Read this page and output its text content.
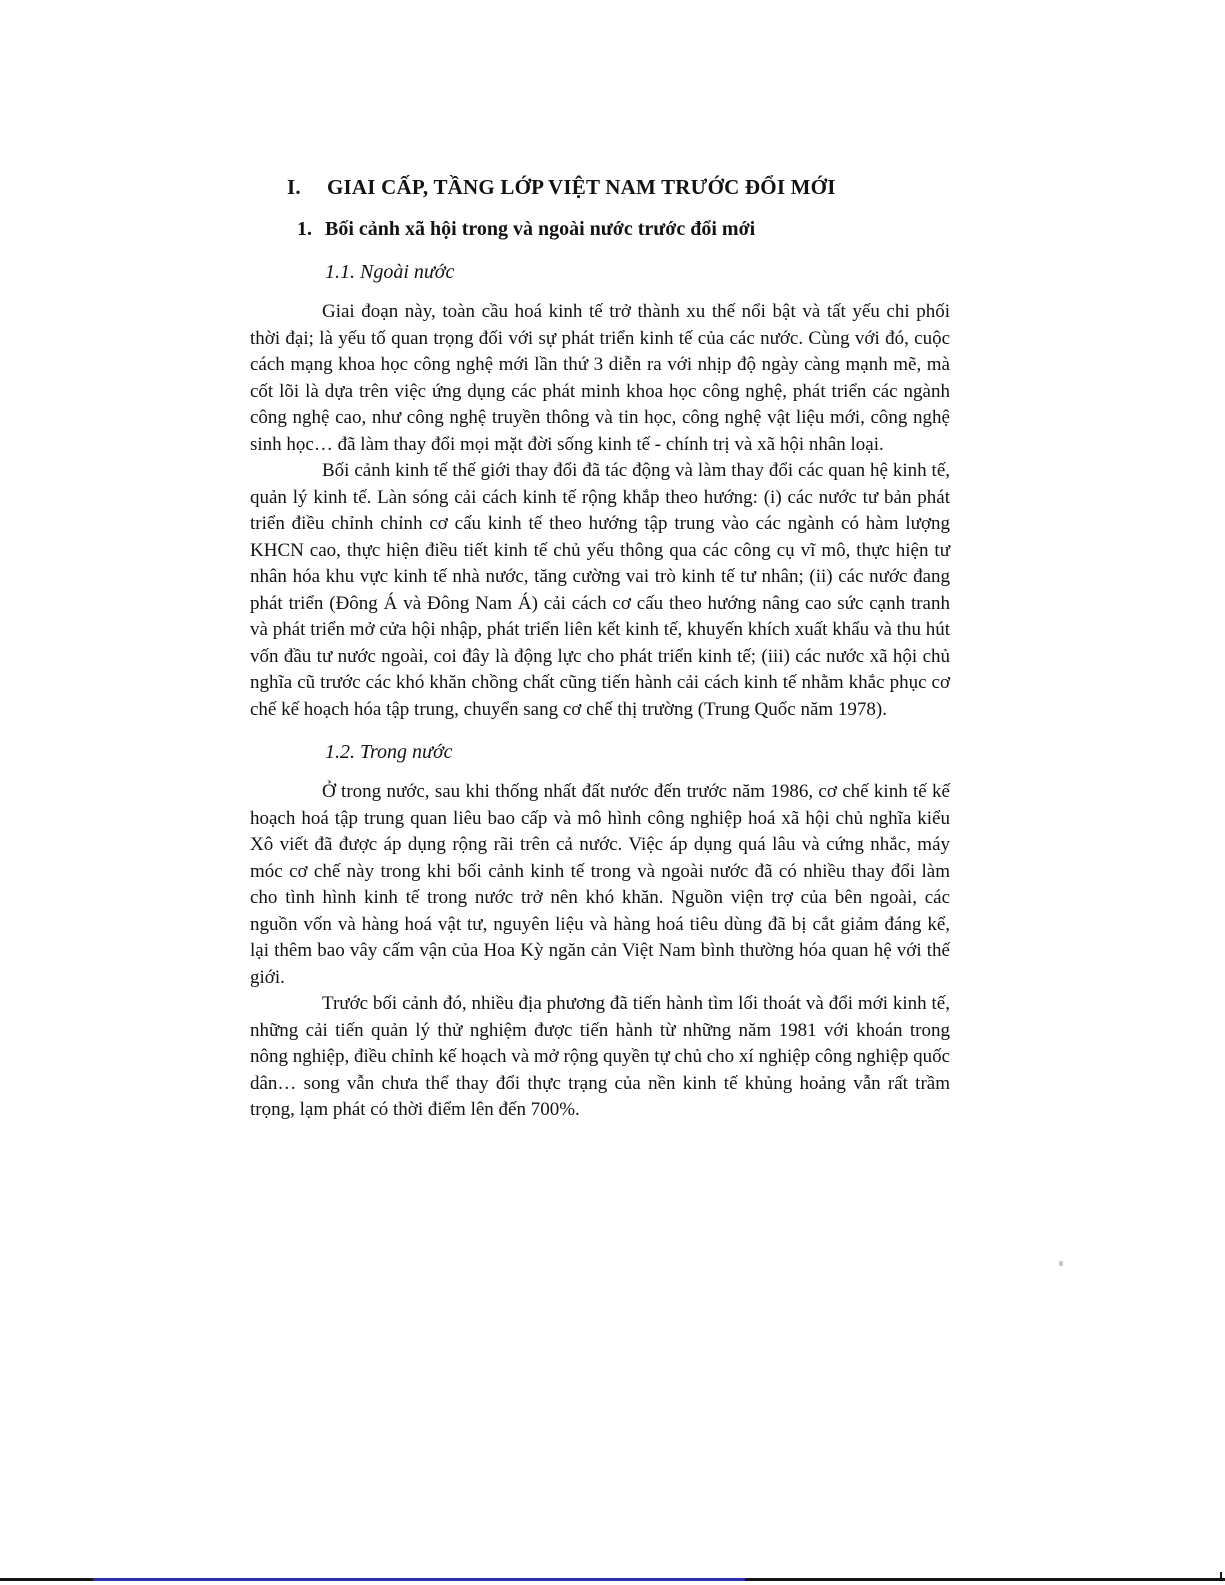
I.	GIAI CẤP, TẦNG LỚP VIỆT NAM TRƯỚC ĐỔI MỚI
1. Bối cảnh xã hội trong và ngoài nước trước đổi mới
1.1. Ngoài nước

Giai đoạn này, toàn cầu hoá kinh tế trở thành xu thế nổi bật và tất yếu chi phối thời đại; là yếu tố quan trọng đối với sự phát triển kinh tế của các nước. Cùng với đó, cuộc cách mạng khoa học công nghệ mới lần thứ 3 diễn ra với nhịp độ ngày càng mạnh mẽ, mà cốt lõi là dựa trên việc ứng dụng các phát minh khoa học công nghệ, phát triển các ngành công nghệ cao, như công nghệ truyền thông và tin học, công nghệ vật liệu mới, công nghệ sinh học… đã làm thay đổi mọi mặt đời sống kinh tế - chính trị và xã hội nhân loại.

Bối cảnh kinh tế thế giới thay đổi đã tác động và làm thay đổi các quan hệ kinh tế, quản lý kinh tế. Làn sóng cải cách kinh tế rộng khắp theo hướng: (i) các nước tư bản phát triển điều chỉnh chỉnh cơ cấu kinh tế theo hướng tập trung vào các ngành có hàm lượng KHCN cao, thực hiện điều tiết kinh tế chủ yếu thông qua các công cụ vĩ mô, thực hiện tư nhân hóa khu vực kinh tế nhà nước, tăng cường vai trò kinh tế tư nhân; (ii) các nước đang phát triển (Đông Á và Đông Nam Á) cải cách cơ cấu theo hướng nâng cao sức cạnh tranh và phát triển mở cửa hội nhập, phát triển liên kết kinh tế, khuyến khích xuất khẩu và thu hút vốn đầu tư nước ngoài, coi đây là động lực cho phát triển kinh tế; (iii) các nước xã hội chủ nghĩa cũ trước các khó khăn chồng chất cũng tiến hành cải cách kinh tế nhằm khắc phục cơ chế kế hoạch hóa tập trung, chuyển sang cơ chế thị trường (Trung Quốc năm 1978).

1.2. Trong nước

Ở trong nước, sau khi thống nhất đất nước đến trước năm 1986, cơ chế kinh tế kế hoạch hoá tập trung quan liêu bao cấp và mô hình công nghiệp hoá xã hội chủ nghĩa kiểu Xô viết đã được áp dụng rộng rãi trên cả nước. Việc áp dụng quá lâu và cứng nhắc, máy móc cơ chế này trong khi bối cảnh kinh tế trong và ngoài nước đã có nhiều thay đổi làm cho tình hình kinh tế trong nước trở nên khó khăn. Nguồn viện trợ của bên ngoài, các nguồn vốn và hàng hoá vật tư, nguyên liệu và hàng hoá tiêu dùng đã bị cắt giảm đáng kể, lại thêm bao vây cấm vận của Hoa Kỳ ngăn cản Việt Nam bình thường hóa quan hệ với thế giới.

Trước bối cảnh đó, nhiều địa phương đã tiến hành tìm lối thoát và đổi mới kinh tế, những cải tiến quản lý thử nghiệm được tiến hành từ những năm 1981 với khoán trong nông nghiệp, điều chỉnh kế hoạch và mở rộng quyền tự chủ cho xí nghiệp công nghiệp quốc dân… song vẫn chưa thể thay đổi thực trạng của nền kinh tế khủng hoảng vẫn rất trầm trọng, lạm phát có thời điểm lên đến 700%.
